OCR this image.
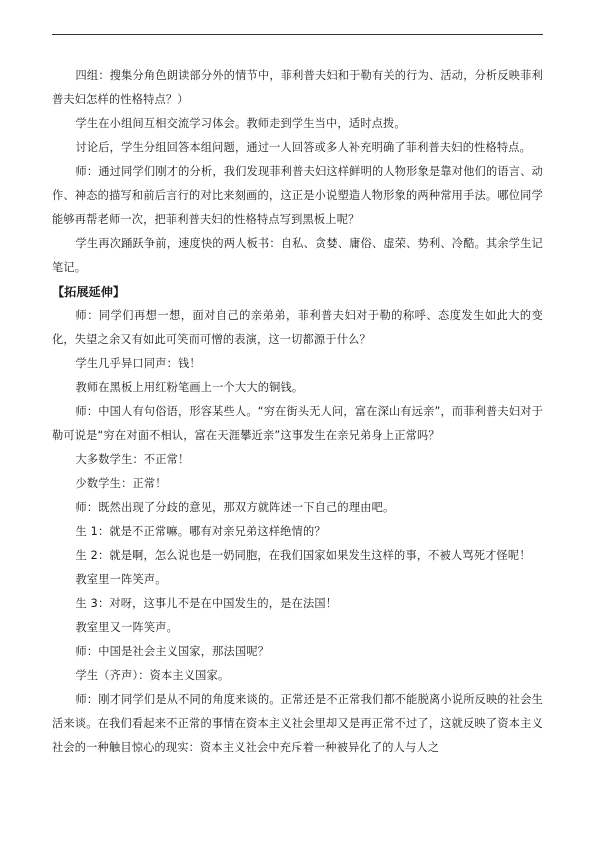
四组：搜集分角色朗读部分外的情节中，菲利普夫妇和于勒有关的行为、活动，分析反映菲利普夫妇怎样的性格特点？）

学生在小组间互相交流学习体会。教师走到学生当中，适时点拨。

讨论后，学生分组回答本组问题，通过一人回答或多人补充明确了菲利普夫妇的性格特点。

师：通过同学们刚才的分析，我们发现菲利普夫妇这样鲜明的人物形象是靠对他们的语言、动作、神态的描写和前后言行的对比来刻画的，这正是小说塑造人物形象的两种常用手法。哪位同学能够再帮老师一次，把菲利普夫妇的性格特点写到黑板上呢？

学生再次踊跃争前，速度快的两人板书：自私、贪婪、庸俗、虚荣、势利、冷酷。其余学生记笔记。

【拓展延伸】

师：同学们再想一想，面对自己的亲弟弟，菲利普夫妇对于勒的称呼、态度发生如此大的变化，失望之余又有如此可笑而可憎的表演，这一切都源于什么？

学生几乎异口同声：钱！

教师在黑板上用红粉笔画上一个大大的铜钱。

师：中国人有句俗语，形容某些人。“穷在街头无人问，富在深山有远亲”，而菲利普夫妇对于勒可说是“穷在对面不相认，富在天涯攀近亲”这事发生在亲兄弟身上正常吗？

大多数学生：不正常！

少数学生：正常！

师：既然出现了分歧的意见，那双方就阵述一下自己的理由吧。

生 1：就是不正常嘛。哪有对亲兄弟这样绝情的？

生 2：就是啊，怎么说也是一奶同胞，在我们国家如果发生这样的事，不被人骂死才怪呢！

教室里一阵笑声。

生 3：对呀，这事儿不是在中国发生的，是在法国！

教室里又一阵笑声。

师：中国是社会主义国家，那法国呢？

学生（齐声）：资本主义国家。

师：刚才同学们是从不同的角度来谈的。正常还是不正常我们都不能脱离小说所反映的社会生活来谈。在我们看起来不正常的事情在资本主义社会里却又是再正常不过了，这就反映了资本主义社会的一种触目惊心的现实：资本主义社会中充斥着一种被异化了的人与人之
